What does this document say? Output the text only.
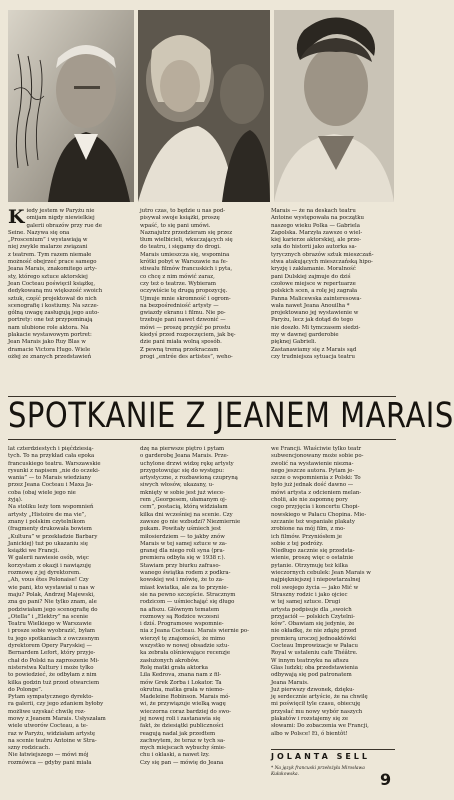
K iedy jestem w Paryżu nie
omijam nigdy niewielkiej
galerii obrazów przy rue de
Seine. Nazywa się ona
„Proscenium” i wystawiają w
niej zwykle malarze związani
z teatrem. Tym razem niemałe
możność obejrzeć prace samego
Jeana Marais, znakomitego arty-
sty, którego sztuce aktorskiej
Jean Cocteau poświęcił książkę,
dedykowaną mu większość swoich
sztuk, część projektował do nich
scenografię i kostiumy. Na szcze-
gólną uwagę zasługują jego auto-
portrety: one też przypominają
nam ulubione role aktora. Na
plakacie wystawowym portret:
Jean Marais jako Ruy Blas w
dramacie Victora Hugo. Wiele
ożłej ze znanych przedstawień
jutro czas, to będzie u nas pod-
pisywał swoje książki, proszę
wpaść, to się pani umówi.
Naznajutrz przedzieram się przez
tłum wielbicieli, wkuczających się
do teatru, i sięgamy do drogi.
Marais umieszcza się, wspomina
krótki pobyt w Warszawie na fe-
stiwalu filmów francuskich i pyta,
co chcę z nim mówić zaraz,
czy też o teatrze. Wybieram
oczywiście tę drugą propozycję.
Ujmuje mnie skromność i ogrom-
na bezpośredniość artysty —
gwiazdy ekranu i filmu. Nie po-
trzebuje pani nawet dzwonić —
mówi — proszę przyjść po prostu
kiedyś przed rozpoczęciem, jak bę-
dzie pani miała wolną sposób.
Z pewną tremą przekraczam
progi „entrée des artistes”, weho-
Marais — że na deskach teatru
Antoine występowała na początku
naszego wieku Polka — Gabriela
Zapolska. Marzyła zawsze o wiel-
kiej karierze aktorskiej, ale prze-
szła do historii jako autorka sa-
tyrycznych obrazów sztuk mieszczań-
stwa atakujących mieszczańską hipo-
kryzję i zakłamanie. Moralność
pani Dulskiej zajmuje do dziś
czołowe miejsce w repertuarze
polskich scen, a rolę jej zagrała
Panna Malicewska zainteresowa-
wała nawet Jeana Anouilha *
projektowano jej wystawienie w
Paryżu, lecz jak dotąd do tego
nie doszło. Mi tymczasem siedzi-
my w dawnej garderobie
pięknej Gabrieli.
Zastanawiamy się z Marais sąd
czy trudniejsza sytuacja teatru
SPOTKANIE Z JEANEM MARAIS
lat czterdziestych i pięćdziesią-
tych. To na przykład cała epoka
francuskiego teatru. Warszawskie
rysunki z napisem „nie do oczeki-
wania” — to Marais wiedziany
przez Jeana Cocteau i Maxa Ja-
coba (obaj wiele jego nie
żyją).
Na stoliku leży tom wspomnień
artysty „Histoire de ma vie”,
znany i polskim czytelnikom
(fragmenty drukowała bowiem
„Kultura” w przekładzie Barbary
Janickiej) tuż po ukazaniu się
książki we Francji.
W galerii nawiesie osób, więc
korzystam z okazji i nawiązuję
rozmowę z jej dyrektorem.
„Ah, vous êtes Polonaise! Czy
wie pani, kto wystawiał u nas w
maju? Polak, Andrzej Majewski,
zna go pani? Nie tylko znam, ale
podziwiałam jego scenografię do
„Otella” i „Elektry” na scenie
Teatru Wielkiego w Warszawie
i prosze sobie wyobrazić, byłam
tu jego spotkaniach z owczesnym
dyrektorem Opery Paryskiej —
Bernardem Lefort, który przyje-
chał do Polski na zaproszenie Mi-
nisterstwa Kultury i może tylko
to powiedzieć, że odbyłam z nim
kilka godzin tuż przed otwarciem
do Polonge”.
Pytam sympatycznego dyrekto-
ra galerii, czy jego zdaniem byłoby
możliwe uzyskać chwilę roz-
mowy z Jeanem Marais. Usłyszałam
wiele utworów Cocteau, a te-
raz w Paryżu, widziałam artystę
na scenie teatru Antoine w Stra-
szny rodzicach.
Nie łatwiejszego — mówi mój
rozmówca — gdyby pani miała
dzę na pierwsze piętro i pytam
o garderobę Jeana Marais. Prze-
uchylone drzwi widzę rękę artysty
przygotowując się do występu:
artystyczne, z rozbawioną czupryną
siwych włosów, ukazany, u-
mknięty w sobie jest już wiece-
rem „Georgesem, ułamanym oj-
cem”, postacią, którą widziałam
kilka dni wcześniej na scenie. Czy
zawsze go nie wzbudzi? Niezmiernie
pukam. Powitały uśmiech jest
miłosierdziem — to jakby znów
Marais w tej samej sztuce w za-
granej dla niego roli syna (pra-
premiera odbyła się w 1938 r.).
Stawiam przy biurku zafraso-
wanego świątka rodem z podkra-
kowskiej wsi i mówię, że to za-
miast kwiatka, ale za to przynie-
sie na pewno szczęście. Stracznym
rodzicom — uśmiechająć się długo
na afiszu. Głównym tematem
rozmowy są Rodzice wczesni
i dziś. Programowe wspomnie-
nia z Jeana Cocteau. Marais wiernie po-
wierzył tę znajomości, że mimo
wszystko w nowej obsadzie sztu-
ka zebrała olśniewające recenzje
zasłużonych akrobów.
Rolę matki grała aktorka
Lila Kedrova, znana nam z fil-
mów Grek Zorba i Lokator. Ta
okrutna, matka grała w niemo-
Madeleine Robinson. Marais mó-
wi, że przywiązuje wielką wagę
wieczorna coraz bardziej do swo-
jej nowej roli i zastanawia się
fakt, że dziesiątki publiczności
reagują nadal jak przedtem
zachwytem, że teraz w tych sa-
mych miejscach wybuchy śmie-
chu i oklaski, a nawet łzy.
Czy się pan — mówię do Jeana
we Francji. Właściwie tylko teatr
subwencjonowany może sobie po-
zwolić na wystawienie niezna-
nego jeszcze autora. Pytam je-
szcze o wspomnienia z Polski: To
było już jednak dość dawno —
mówi artysta z odcieniem melan-
cholii, ale nie zapomnę pory
cego przyjęcia i koncertu Chopi-
nowskiego w Pałacu Chopina. Mie-
szczanie też wspaniałe plakaty
zrobione na mój film, z mo-
ich filmów. Przyniósłem je
sobie z tej podróży.
Niedługo zacznie się przedsta-
wienie, proszę więc o ostatnie
pytanie. Otrzymuję też kilka
wieczornych cebulek: Jean Marais w
najpiękniejszej i niepowtarzalnej
roli swojego życia — jako Mić w
Straszny rodzic i jako ojciec
w tej samej sztuce. Drugi
artysta podpisuje dla „swoich
przyjaciół — polskich Czytelni-
ków”. Obawiam się jedynie, że
nie okładkę, że nie zdążę przed
premierą uroczej jednoaktówki
Cocteau Improwizacje w Pałacu
Royal w ustaleniu cafe Théâtre.
W innym teatrzyku na afiszu
Glas ludzki; oba przedstawienia
odbywają się pod patronatem
Jeana Marais.
Już pierwszy dzwonek, dzięku-
ję serdecznie artyście, że na chwilę
mi poświęcił tyle czasu, obiecuję
przysłać mu nowy wybór naszych
plakatów i rozstajemy się ze
słowami: Do zobaczenia we Francji,
albo w Polsce! Ei, ó bientôt!
JOLANTA SELL
* Na język francuski przełożyła Mirosława Kułakowska.	9
